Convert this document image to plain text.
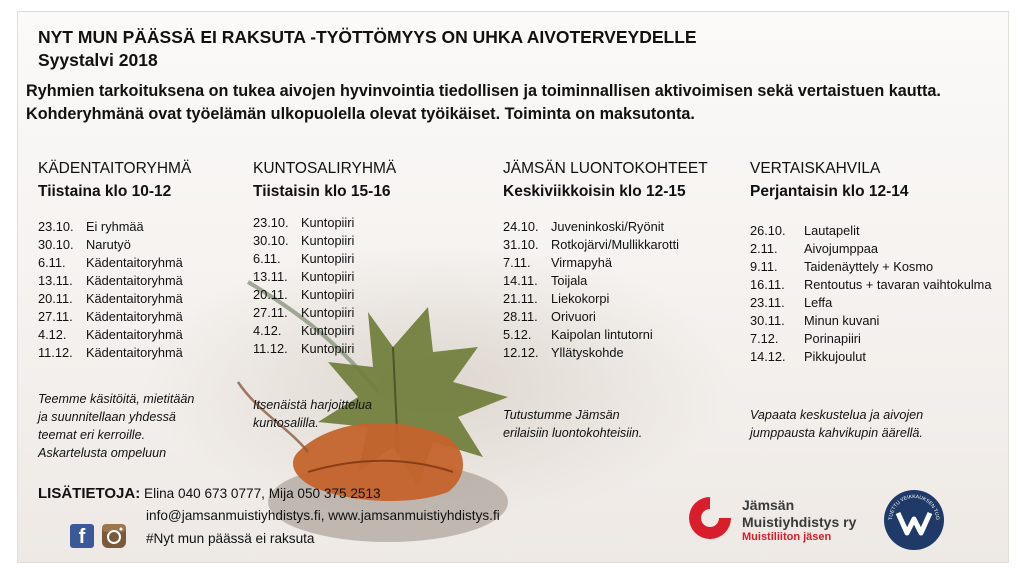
NYT MUN PÄÄSSÄ EI RAKSUTA -TYÖTTÖMYYS ON UHKA AIVOTERVEYDELLE
Syystalvi 2018
Ryhmien tarkoituksena on tukea aivojen hyvinvointia tiedollisen ja toiminnallisen aktivoimisen sekä vertaistuen kautta.
Kohderyhmänä ovat työelämän ulkopuolella olevat työikäiset. Toiminta on maksutonta.
KÄDENTAITORYHMÄ
Tiistaina klo 10-12
23.10. Ei ryhmää
30.10. Narutyö
6.11.	Kädentaitoryhmä
13.11.	Kädentaitoryhmä
20.11.	Kädentaitoryhmä
27.11.	Kädentaitoryhmä
4.12.	Kädentaitoryhmä
11.12.	Kädentaitoryhmä
Teemme käsitöitä, mietitään
ja suunnitellaan yhdessä
teemat eri kerroille.
Askartelusta ompeluun
KUNTOSALIRYHMÄ
Tiistaisin klo 15-16
23.10. Kuntopiiri
30.10. Kuntopiiri
6.11.	Kuntopiiri
13.11.	Kuntopiiri
20.11.	Kuntopiiri
27.11.	Kuntopiiri
4.12.	Kuntopiiri
11.12.	Kuntopiiri
Itsenäistä harjoittelua
kuntosalilla.
JÄMSÄN LUONTOKOHTEET
Keskiviikkoisin klo 12-15
24.10. Juveninkoski/Ryönit
31.10. Rotkojärvi/Mullikkarotti
7.11.	Virmapyhä
14.11.	Toijala
21.11.	Liekokorpi
28.11.	Orivuori
5.12.	Kaipolan lintutorni
12.12. Yllätyskohde
Tutustumme Jämsän
erilaisiin luontokohteisiin.
VERTAISKAHVILA
Perjantaisin klo 12-14
26.10.	Lautapelit
2.11.	Aivojumppaa
9.11.	Taidenäyttely + Kosmo
16.11.	Rentoutus + tavaran vaihtokulma
23.11.	Leffa
30.11.	Minun kuvani
7.12.	Porinapiiri
14.12.	Pikkujoulut
Vapaata keskustelua ja aivojen
jumppausta kahvikupin äärellä.
LISÄTIETOJA: Elina 040 673 0777, Mija 050 375 2513
info@jamsanmuistiyhdistys.fi, www.jamsanmuistiyhdistys.fi
f	#Nyt mun päässä ei raksuta
Jämsän
Muistiyhdistys ry
Muistiliiton jäsen
TUETTU VEIKKAUKSEN TUO
